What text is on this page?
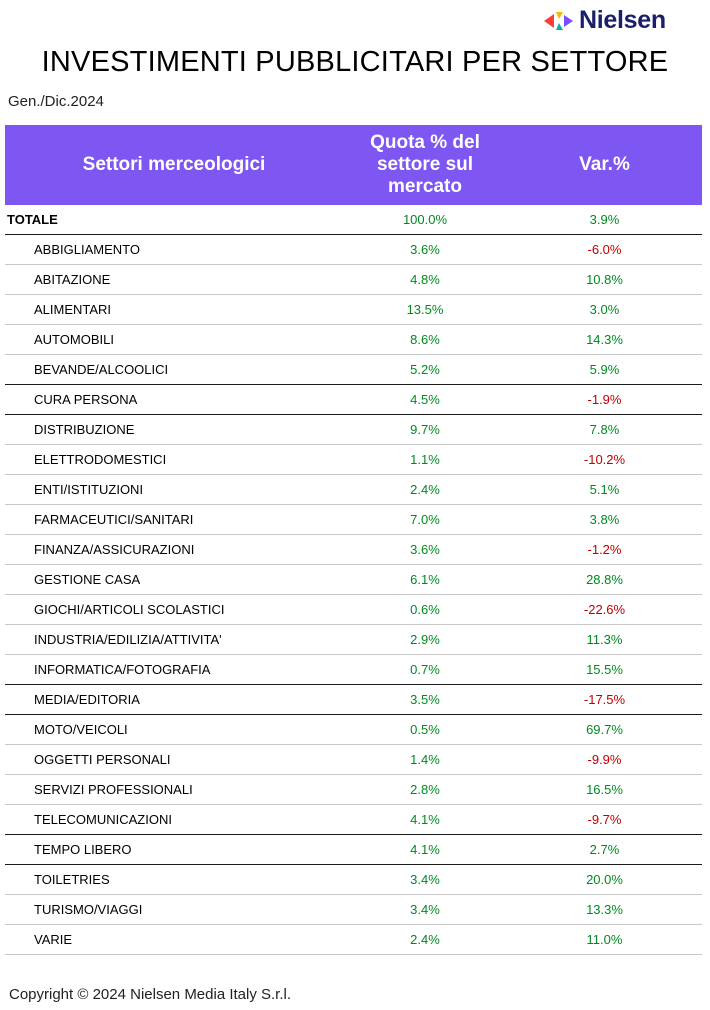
Nielsen
INVESTIMENTI PUBBLICITARI PER SETTORE
Gen./Dic.2024
Settori merceologici	Quota % del settore sul mercato	Var.%
TOTALE	100.0%	3.9%
ABBIGLIAMENTO	3.6%	-6.0%
ABITAZIONE	4.8%	10.8%
ALIMENTARI	13.5%	3.0%
AUTOMOBILI	8.6%	14.3%
BEVANDE/ALCOOLICI	5.2%	5.9%
CURA PERSONA	4.5%	-1.9%
DISTRIBUZIONE	9.7%	7.8%
ELETTRODOMESTICI	1.1%	-10.2%
ENTI/ISTITUZIONI	2.4%	5.1%
FARMACEUTICI/SANITARI	7.0%	3.8%
FINANZA/ASSICURAZIONI	3.6%	-1.2%
GESTIONE CASA	6.1%	28.8%
GIOCHI/ARTICOLI SCOLASTICI	0.6%	-22.6%
INDUSTRIA/EDILIZIA/ATTIVITA'	2.9%	11.3%
INFORMATICA/FOTOGRAFIA	0.7%	15.5%
MEDIA/EDITORIA	3.5%	-17.5%
MOTO/VEICOLI	0.5%	69.7%
OGGETTI PERSONALI	1.4%	-9.9%
SERVIZI PROFESSIONALI	2.8%	16.5%
TELECOMUNICAZIONI	4.1%	-9.7%
TEMPO LIBERO	4.1%	2.7%
TOILETRIES	3.4%	20.0%
TURISMO/VIAGGI	3.4%	13.3%
VARIE	2.4%	11.0%
Copyright © 2024 Nielsen Media Italy S.r.l.
